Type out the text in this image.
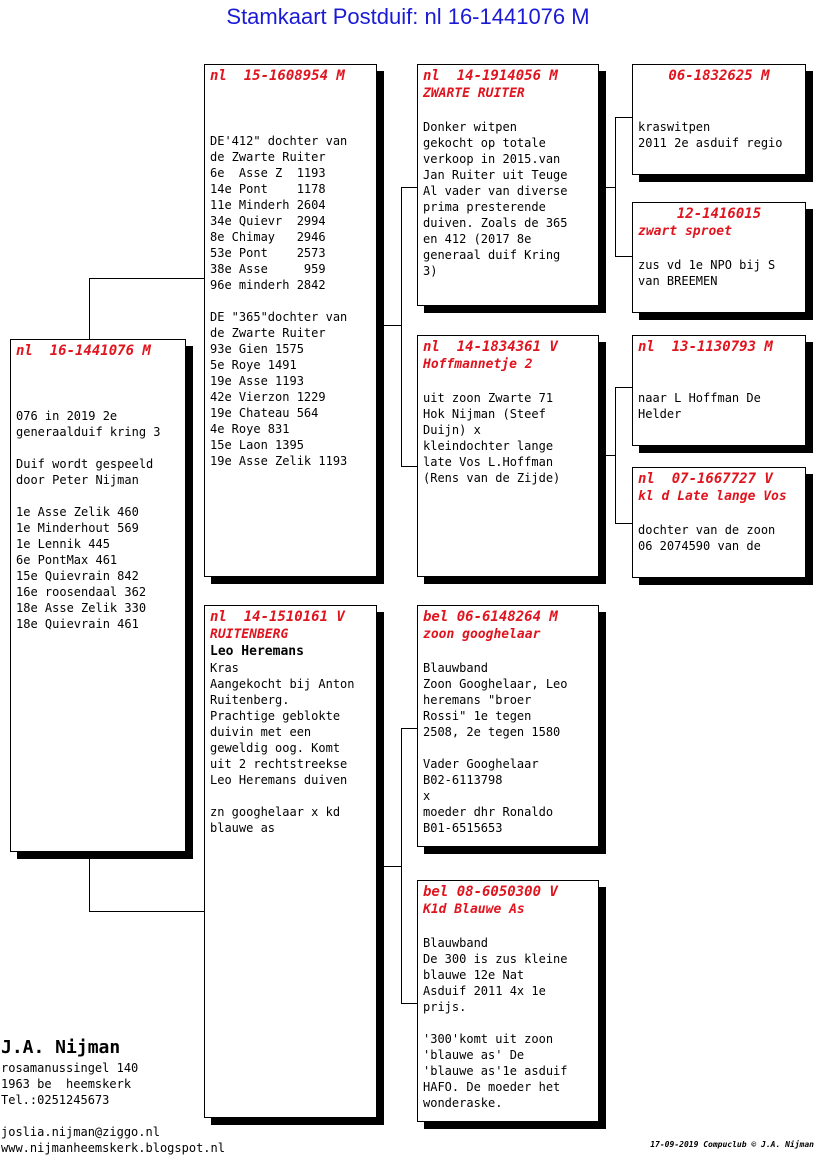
Stamkaart Postduif: nl 16-1441076 M
nl  16-1441076 M
076 in 2019 2e
generaalduif kring 3

Duif wordt gespeeld
door Peter Nijman

1e Asse Zelik 460
1e Minderhout 569
1e Lennik 445
6e PontMax 461
15e Quievrain 842
16e roosendaal 362
18e Asse Zelik 330
18e Quievrain 461
nl  15-1608954 M
DE'412" dochter van
de Zwarte Ruiter
6e  Asse Z  1193
14e Pont    1178
11e Minderh 2604
34e Quievr  2994
8e Chimay   2946
53e Pont    2573
38e Asse     959
96e minderh 2842

DE "365"dochter van
de Zwarte Ruiter
93e Gien 1575
5e Roye 1491
19e Asse 1193
42e Vierzon 1229
19e Chateau 564
4e Roye 831
15e Laon 1395
19e Asse Zelik 1193
nl  14-1510161 V
RUITENBERG
Leo Heremans
Kras
Aangekocht bij Anton
Ruitenberg.
Prachtige geblokte
duivin met een
geweldig oog. Komt
uit 2 rechtstreekse
Leo Heremans duiven

zn googhelaar x kd
blauwe as
nl  14-1914056 M
ZWARTE RUITER
Donker witpen
gekocht op totale
verkoop in 2015.van
Jan Ruiter uit Teuge
Al vader van diverse
prima presterende
duiven. Zoals de 365
en 412 (2017 8e
generaal duif Kring
3)
nl  14-1834361 V
Hoffmannetje 2
uit zoon Zwarte 71
Hok Nijman (Steef
Duijn) x
kleindochter lange
late Vos L.Hoffman
(Rens van de Zijde)
bel 06-6148264 M
zoon googhelaar
Blauwband
Zoon Googhelaar, Leo
heremans "broer
Rossi" 1e tegen
2508, 2e tegen 1580

Vader Googhelaar
B02-6113798
x
moeder dhr Ronaldo
B01-6515653
bel 08-6050300 V
K1d Blauwe As
Blauwband
De 300 is zus kleine
blauwe 12e Nat
Asduif 2011 4x 1e
prijs.

'300'komt uit zoon
'blauwe as' De
'blauwe as'1e asduif
HAFO. De moeder het
wonderaske.
06-1832625 M
kraswitpen
2011 2e asduif regio
12-1416015
zwart sproet
zus vd 1e NPO bij S
van BREEMEN
nl  13-1130793 M
naar L Hoffman De
Helder
nl  07-1667727 V
kl d Late lange Vos
dochter van de zoon
06 2074590 van de
J.A. Nijman
rosamanussingel 140
1963 be  heemskerk
Tel.:0251245673
joslia.nijman@ziggo.nl
www.nijmanheemskerk.blogspot.nl	17-09-2019 Compuclub © J.A. Nijman
